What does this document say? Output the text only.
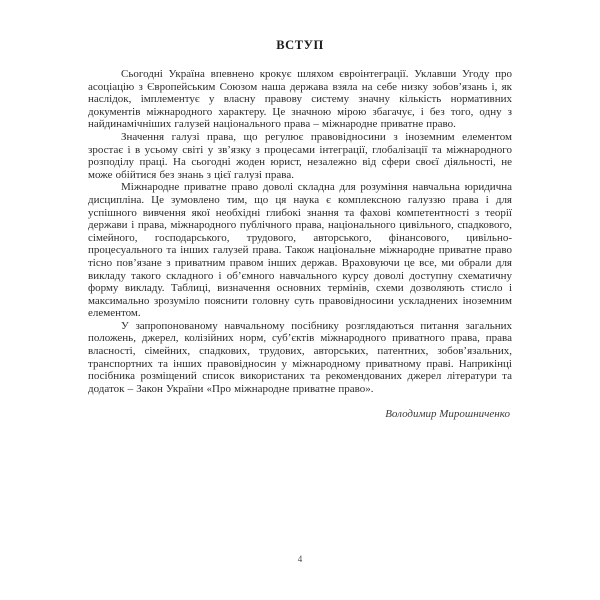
ВСТУП

Сьогодні Україна впевнено крокує шляхом євроінтеграції. Уклавши Угоду про асоціацію з Європейським Союзом наша держава взяла на себе низку зобов’язань і, як наслідок, імплементує у власну правову систему значну кількість нормативних документів міжнародного характеру. Це значною мірою збагачує, і без того, одну з найдинамічніших галузей національного права – міжнародне приватне право.

Значення галузі права, що регулює правовідносини з іноземним елементом зростає і в усьому світі у зв’язку з процесами інтеграції, глобалізації та міжнародного розподілу праці. На сьогодні жоден юрист, незалежно від сфери своєї діяльності, не може обійтися без знань з цієї галузі права.

Міжнародне приватне право доволі складна для розуміння навчальна юридична дисципліна. Це зумовлено тим, що ця наука є комплексною галуззю права і для успішного вивчення якої необхідні глибокі знання та фахові компетентності з теорії держави і права, міжнародного публічного права, національного цивільного, спадкового, сімейного, господарського, трудового, авторського, фінансового, цивільно-процесуального та інших галузей права. Також національне міжнародне приватне право тісно пов’язане з приватним правом інших держав. Враховуючи це все, ми обрали для викладу такого складного і об’ємного навчального курсу доволі доступну схематичну форму викладу. Таблиці, визначення основних термінів, схеми дозволяють стисло і максимально зрозуміло пояснити головну суть правовідносини ускладнених іноземним елементом.

У запропонованому навчальному посібнику розглядаються питання загальних положень, джерел, колізійних норм, суб’єктів міжнародного приватного права, права власності, сімейних, спадкових, трудових, авторських, патентних, зобов’язальних, транспортних та інших правовідносин у міжнародному приватному праві. Наприкінці посібника розміщений список використаних та рекомендованих джерел літератури та додаток – Закон України «Про міжнародне приватне право».

Володимир Мирошниченко
4
